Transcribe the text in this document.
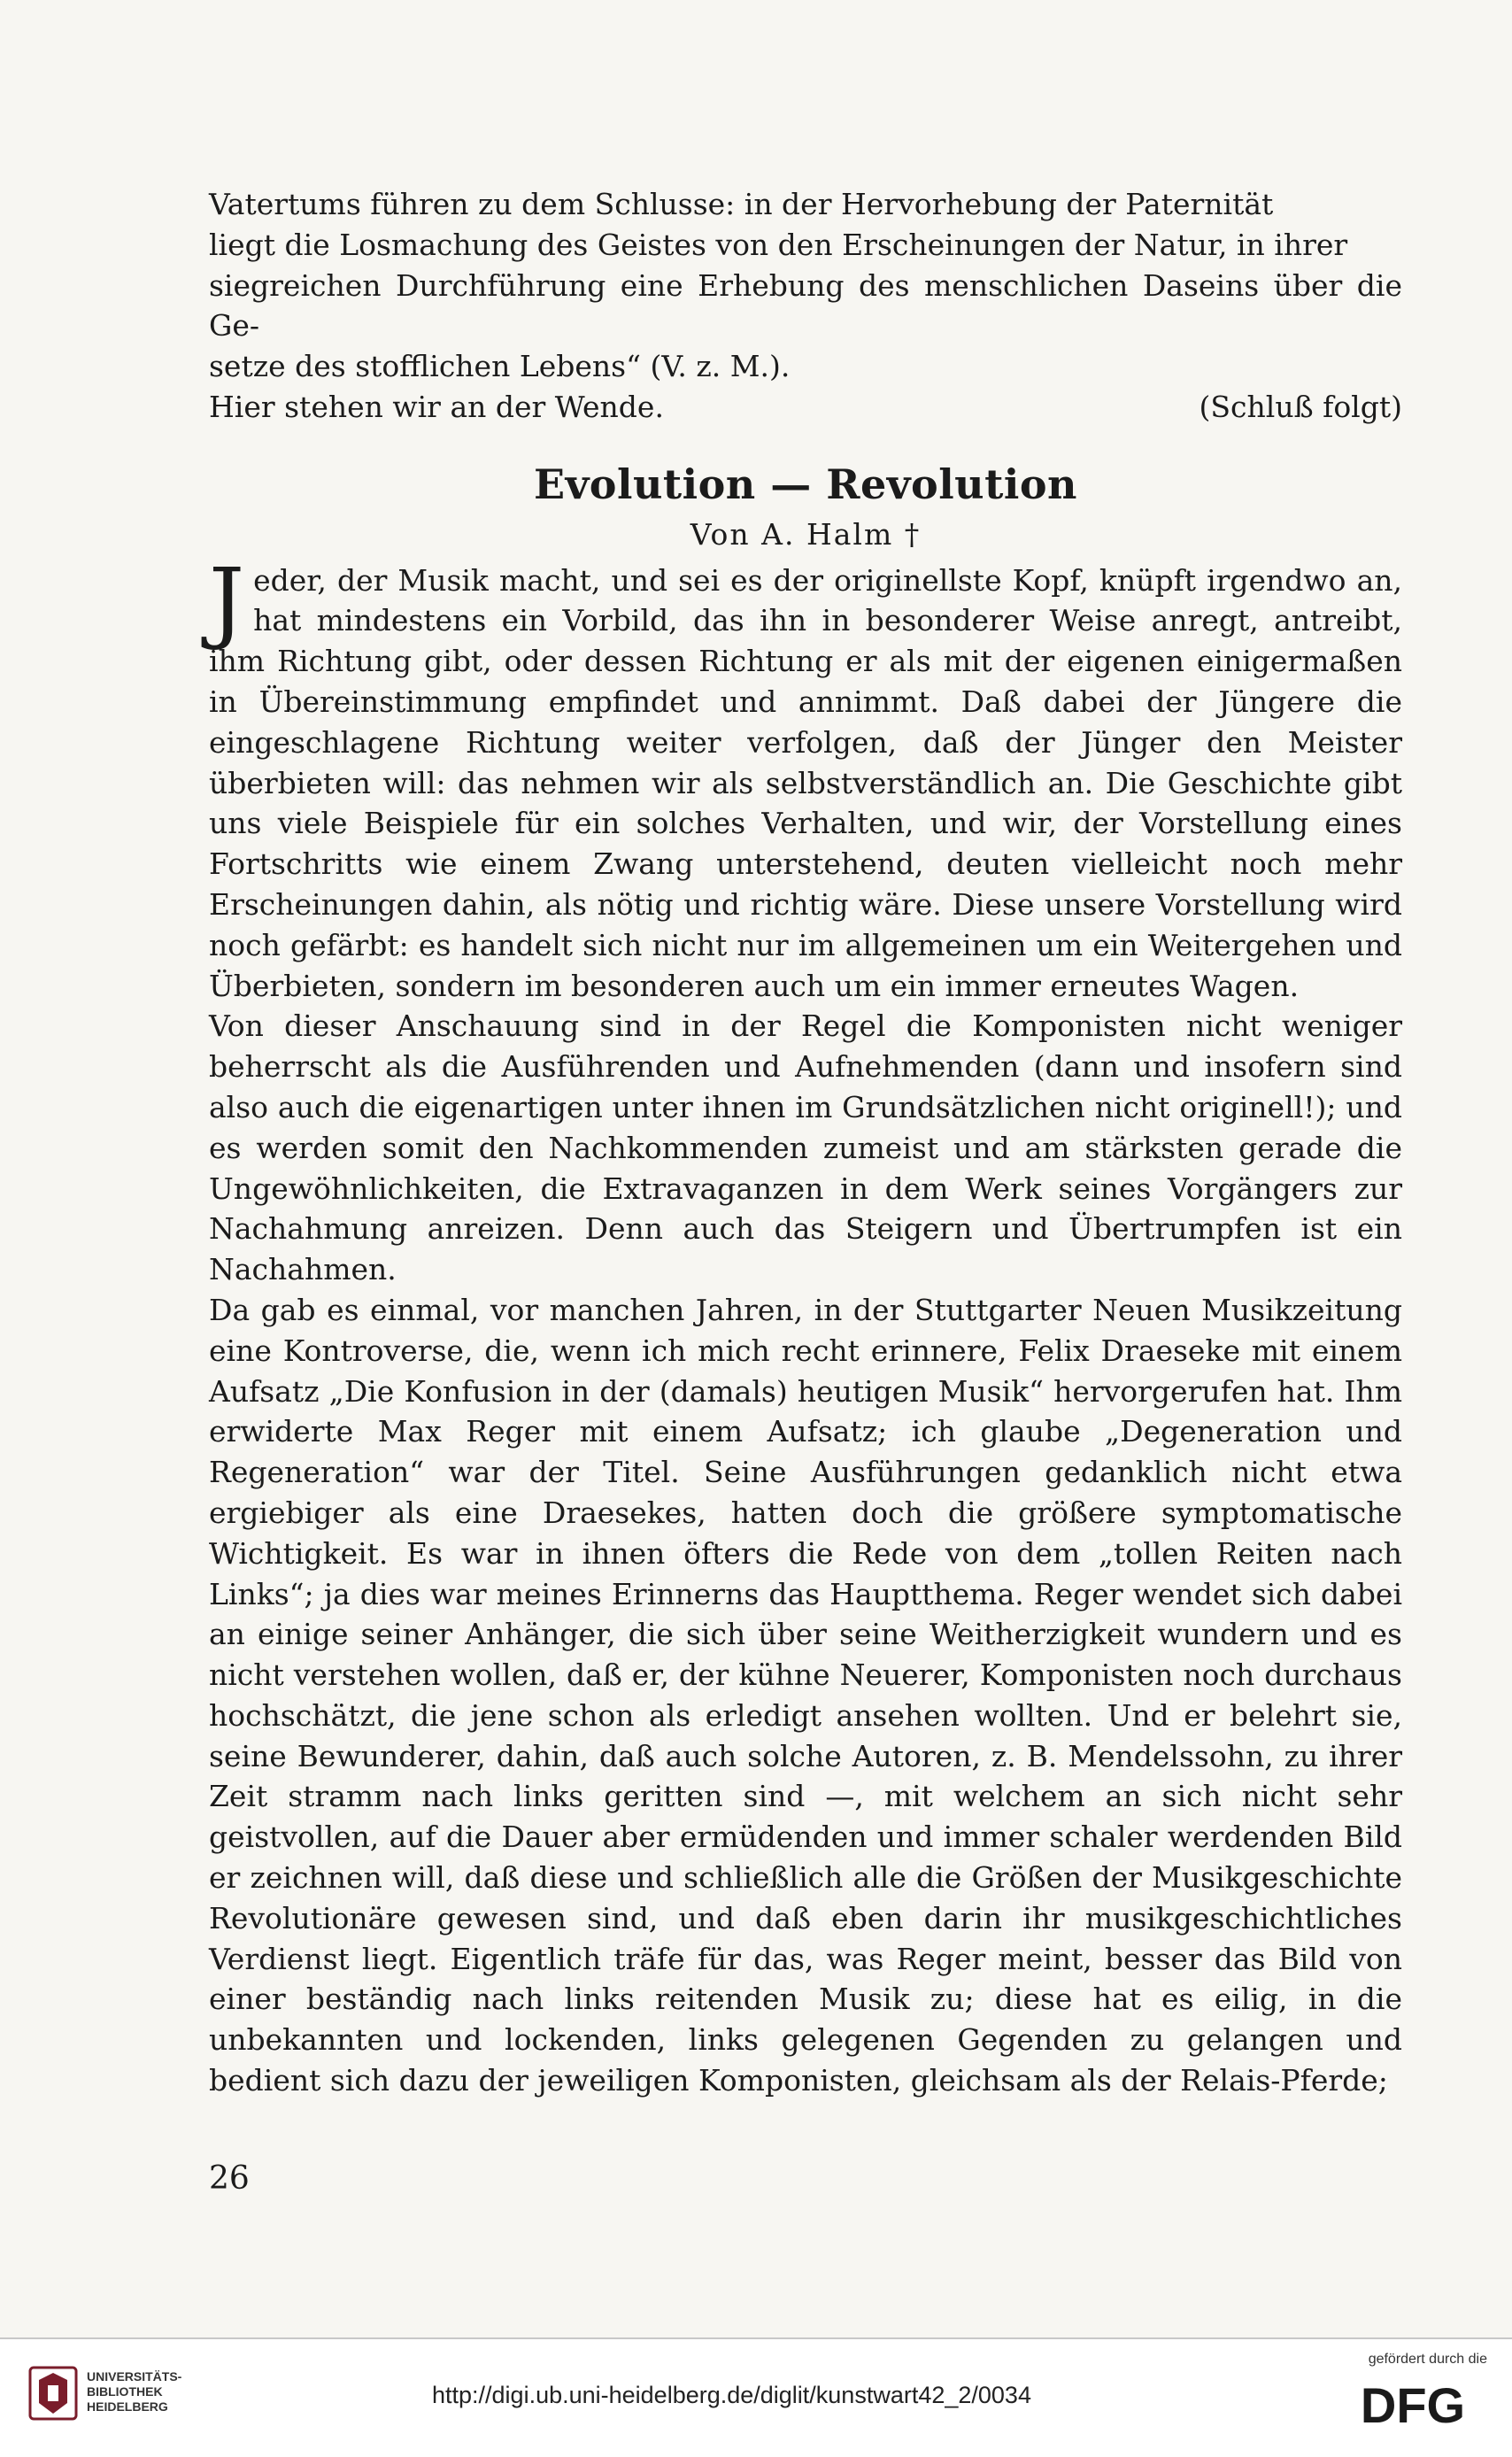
Vatertums führen zu dem Schlusse: in der Hervorhebung der Paternität

liegt die Losmachung des Geistes von den Erscheinungen der Natur, in ihrer

siegreichen Durchführung eine Erhebung des menschlichen Daseins über die Ge-

setze des stofflichen Lebens“ (V. z. M.).

Hier stehen wir an der Wende.	(Schluß folgt)
Evolution — Revolution
Von A. Halm †

Jeder, der Musik macht, und sei es der originellste Kopf, knüpft irgendwo an, hat mindestens ein Vorbild, das ihn in besonderer Weise anregt, antreibt, ihm Richtung gibt, oder dessen Richtung er als mit der eigenen einigermaßen in Übereinstimmung empfindet und annimmt. Daß dabei der Jüngere die eingeschlagene Richtung weiter verfolgen, daß der Jünger den Meister überbieten will: das nehmen wir als selbstverständlich an. Die Geschichte gibt uns viele Beispiele für ein solches Verhalten, und wir, der Vorstellung eines Fortschritts wie einem Zwang unterstehend, deuten vielleicht noch mehr Erscheinungen dahin, als nötig und richtig wäre. Diese unsere Vorstellung wird noch gefärbt: es handelt sich nicht nur im allgemeinen um ein Weitergehen und Überbieten, sondern im besonderen auch um ein immer erneutes Wagen.

Von dieser Anschauung sind in der Regel die Komponisten nicht weniger beherrscht als die Ausführenden und Aufnehmenden (dann und insofern sind also auch die eigenartigen unter ihnen im Grundsätzlichen nicht originell!); und es werden somit den Nachkommenden zumeist und am stärksten gerade die Ungewöhnlichkeiten, die Extravaganzen in dem Werk seines Vorgängers zur Nachahmung anreizen. Denn auch das Steigern und Übertrumpfen ist ein Nachahmen.

Da gab es einmal, vor manchen Jahren, in der Stuttgarter Neuen Musikzeitung eine Kontroverse, die, wenn ich mich recht erinnere, Felix Draeseke mit einem Aufsatz „Die Konfusion in der (damals) heutigen Musik“ hervorgerufen hat. Ihm erwiderte Max Reger mit einem Aufsatz; ich glaube „Degeneration und Regeneration“ war der Titel. Seine Ausführungen gedanklich nicht etwa ergiebiger als eine Draesekes, hatten doch die größere symptomatische Wichtigkeit. Es war in ihnen öfters die Rede von dem „tollen Reiten nach Links“; ja dies war meines Erinnerns das Hauptthema. Reger wendet sich dabei an einige seiner Anhänger, die sich über seine Weitherzigkeit wundern und es nicht verstehen wollen, daß er, der kühne Neuerer, Komponisten noch durchaus hochschätzt, die jene schon als erledigt ansehen wollten. Und er belehrt sie, seine Bewunderer, dahin, daß auch solche Autoren, z. B. Mendelssohn, zu ihrer Zeit stramm nach links geritten sind —, mit welchem an sich nicht sehr geistvollen, auf die Dauer aber ermüdenden und immer schaler werdenden Bild er zeichnen will, daß diese und schließlich alle die Größen der Musikgeschichte Revolutionäre gewesen sind, und daß eben darin ihr musikgeschichtliches Verdienst liegt. Eigentlich träfe für das, was Reger meint, besser das Bild von einer beständig nach links reitenden Musik zu; diese hat es eilig, in die unbekannten und lockenden, links gelegenen Gegenden zu gelangen und bedient sich dazu der jeweiligen Komponisten, gleichsam als der Relais-Pferde;

26
UNIVERSITÄTS-
BIBLIOTHEK
HEIDELBERG	http://digi.ub.uni-heidelberg.de/diglit/kunstwart42_2/0034
gefördert durch die
DFG
